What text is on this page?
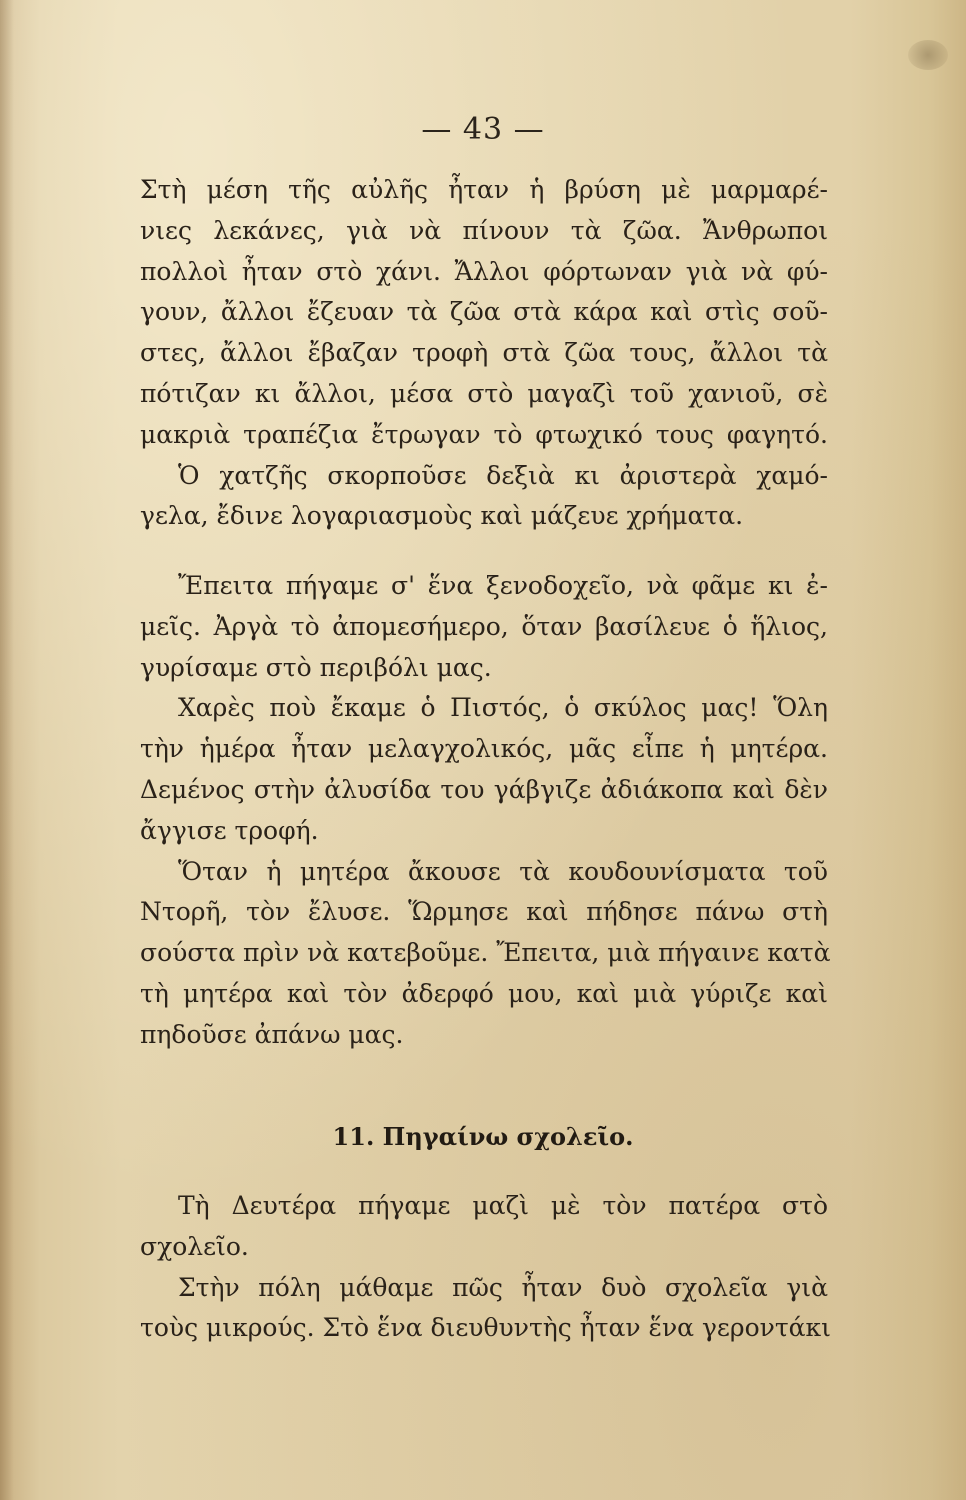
— 43 —
Στὴ μέση τῆς αὐλῆς ἦταν ἡ βρύση μὲ μαρμαρέ-
νιες λεκάνες, γιὰ νὰ πίνουν τὰ ζῶα. Ἄνθρωποι
πολλοὶ ἦταν στὸ χάνι. Ἄλλοι φόρτωναν γιὰ νὰ φύ-
γουν, ἄλλοι ἔζευαν τὰ ζῶα στὰ κάρα καὶ στὶς σοῦ-
στες, ἄλλοι ἔβαζαν τροφὴ στὰ ζῶα τους, ἄλλοι τὰ
πότιζαν κι ἄλλοι, μέσα στὸ μαγαζὶ τοῦ χανιοῦ, σὲ
μακριὰ τραπέζια ἔτρωγαν τὸ φτωχικό τους φαγητό.
Ὁ χατζῆς σκορποῦσε δεξιὰ κι ἀριστερὰ χαμό-
γελα, ἔδινε λογαριασμοὺς καὶ μάζευε χρήματα.
Ἔπειτα πήγαμε σ' ἕνα ξενοδοχεῖο, νὰ φᾶμε κι ἐ-
μεῖς. Ἀργὰ τὸ ἀπομεσήμερο, ὅταν βασίλευε ὁ ἥλιος,
γυρίσαμε στὸ περιβόλι μας.
Χαρὲς ποὺ ἔκαμε ὁ Πιστός, ὁ σκύλος μας! Ὅλη
τὴν ἡμέρα ἦταν μελαγχολικός, μᾶς εἶπε ἡ μητέρα.
Δεμένος στὴν ἀλυσίδα του γάβγιζε ἀδιάκοπα καὶ δὲν
ἄγγισε τροφή.
Ὅταν ἡ μητέρα ἄκουσε τὰ κουδουνίσματα τοῦ
Ντορῆ, τὸν ἔλυσε. Ὥρμησε καὶ πήδησε πάνω στὴ
σούστα πρὶν νὰ κατεβοῦμε. Ἔπειτα, μιὰ πήγαινε κατὰ
τὴ μητέρα καὶ τὸν ἀδερφό μου, καὶ μιὰ γύριζε καὶ
πηδοῦσε ἀπάνω μας.
11. Πηγαίνω σχολεῖο.
Τὴ Δευτέρα πήγαμε μαζὶ μὲ τὸν πατέρα στὸ
σχολεῖο.
Στὴν πόλη μάθαμε πῶς ἦταν δυὸ σχολεῖα γιὰ
τοὺς μικρούς. Στὸ ἕνα διευθυντὴς ἦταν ἕνα γεροντάκι
